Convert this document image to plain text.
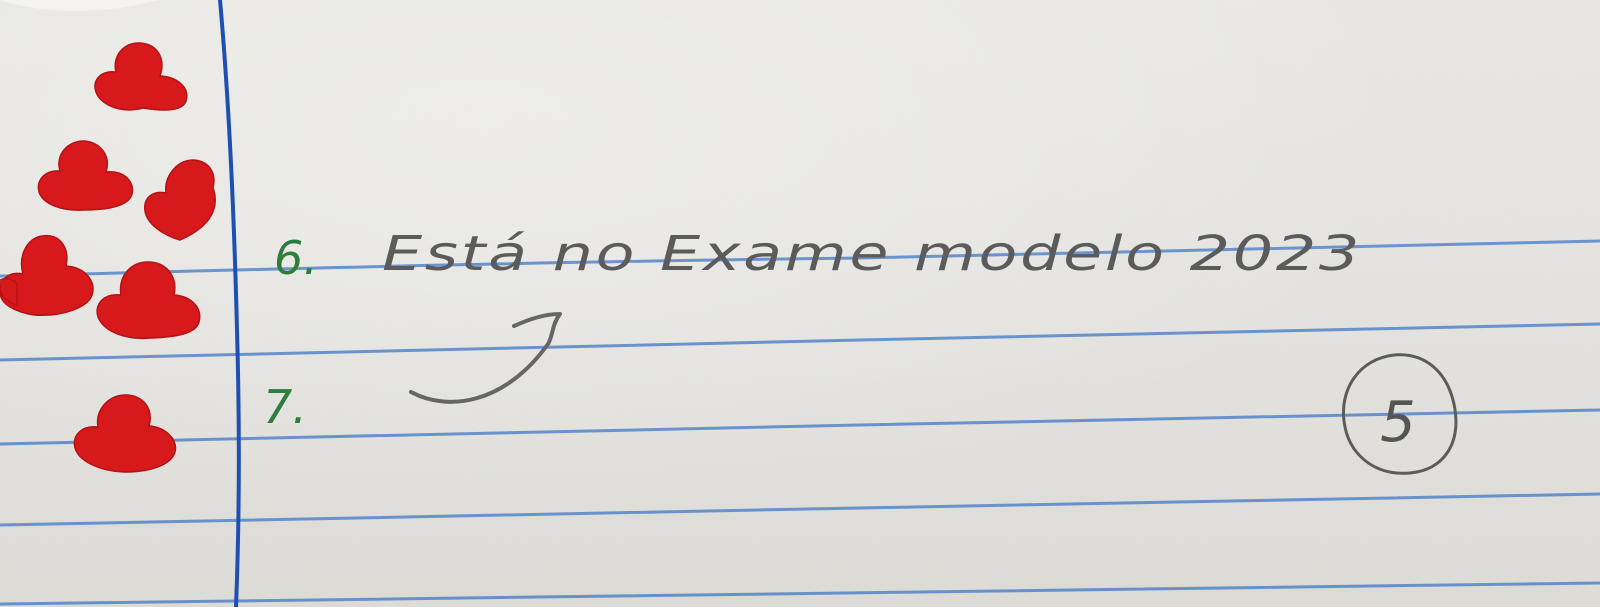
6. Está no Exame modelo 2023
7.	5
